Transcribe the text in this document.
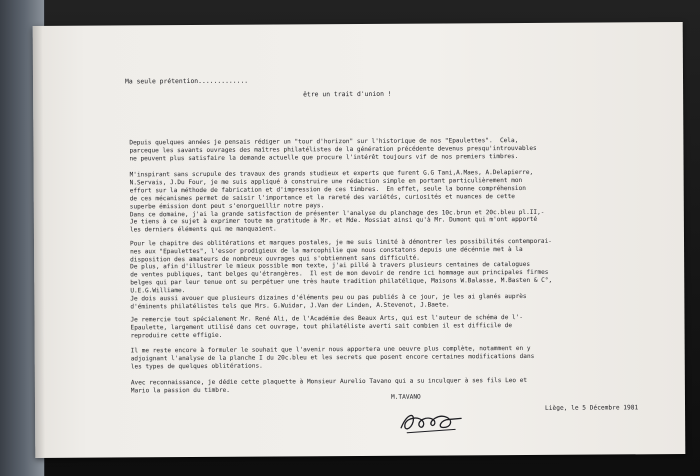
Ma seule prétention.............
être un trait d'union !
Depuis quelques années je pensais rédiger un "tour d'horizon" sur l'historique de nos "Epaulettes".  Cela,
parceque les savants ouvrages des maîtres philatélistes de la génération précédente devenus presqu'introuvables
ne peuvent plus satisfaire la demande actuelle que procure l'intérêt toujours vif de nos premiers timbres.
M'inspirant sans scrupule des travaux des grands studieux et experts que furent G.G Tani,A.Maes, A.Delapierre,
N.Servais, J.Du Four, je me suis appliqué à construire une rédaction simple en portant particulièrement mon
effort sur la méthode de fabrication et d'impression de ces timbres.  En effet, seule la bonne compréhension
de ces mécanismes permet de saisir l'importance et la rareté des variétés, curiosités et nuances de cette
superbe émission dont peut s'enorgueillir notre pays.
Dans ce domaine, j'ai la grande satisfaction de présenter l'analyse du planchage des 10c.brun et 20c.bleu pl.II,-
Je tiens à ce sujet à exprimer toute ma gratitude à Mr. et Mde. Mossiat ainsi qu'à Mr. Dumont qui m'ont apporté
les derniers éléments qui me manquaient.
Pour le chapitre des oblitérations et marques postales, je me suis limité à démontrer les possibilités contemporai-
nes aux "Epaulettes", l'essor prodigieux de la marcophilie que nous constatons depuis une décénnie met à la
disposition des amateurs de nombreux ouvrages qui s'obtiennent sans difficulté.
De plus, afin d'illustrer le mieux possible mon texte, j'ai pillé à travers plusieurs centaines de catalogues
de ventes publiques, tant belges qu'étrangères.  Il est de mon devoir de rendre ici hommage aux principales firmes
belges qui par leur tenue ont su perpétuer une très haute tradition philatélique, Maisons W.Balasse, M.Basten & C°,
U.E.G.Williame.
Je dois aussi avouer que plusieurs dizaines d'éléments peu ou pas publiés à ce jour, je les ai glanés auprès
d'éminents philatélistes tels que Mrs. G.Wuidar, J.Van der Linden, A.Stevenot, J.Baete.
Je remercie tout spécialement Mr. René Ali, de l'Académie des Beaux Arts, qui est l'auteur de schéma de l'-
Epaulette, largement utilisé dans cet ouvrage, tout philatéliste averti sait combien il est difficile de
reproduire cette effigie.
Il me reste encore à formuler le souhait que l'avenir nous apportera une oeuvre plus complète, notamment en y
adjoignant l'analyse de la planche I du 20c.bleu et les secrets que posent encore certaines modifications dans
les types de quelques oblitérations.
Avec reconnaissance, je dédie cette plaquette à Monsieur Aurelio Tavano qui a su inculquer à ses fils Leo et
Mario la passion du timbre.
M.TAVANO
Liège, le 5 Décembre 1981
